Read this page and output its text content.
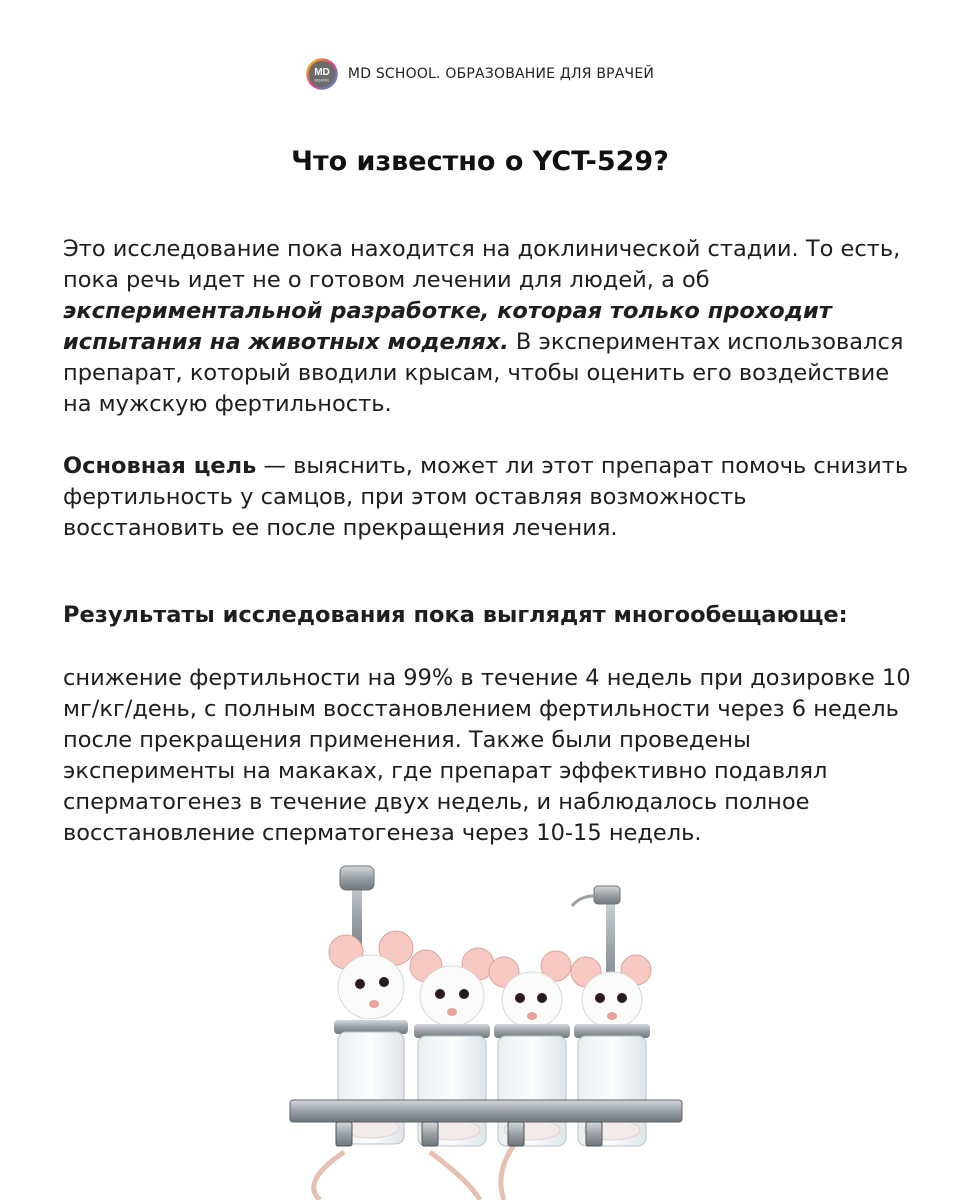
MD
SCHOOL MD SCHOOL. ОБРАЗОВАНИЕ ДЛЯ ВРАЧЕЙ
Что известно о YCT-529?

Это исследование пока находится на доклинической стадии. То есть, пока речь идет не о готовом лечении для людей, а об экспериментальной разработке, которая только проходит испытания на животных моделях. В экспериментах использовался препарат, который вводили крысам, чтобы оценить его воздействие на мужскую фертильность.

Основная цель — выяснить, может ли этот препарат помочь снизить фертильность у самцов, при этом оставляя возможность восстановить ее после прекращения лечения.

Результаты исследования пока выглядят многообещающе:

снижение фертильности на 99% в течение 4 недель при дозировке 10 мг/кг/день, с полным восстановлением фертильности через 6 недель после прекращения применения. Также были проведены эксперименты на макаках, где препарат эффективно подавлял сперматогенез в течение двух недель, и наблюдалось полное восстановление сперматогенеза через 10-15 недель.
